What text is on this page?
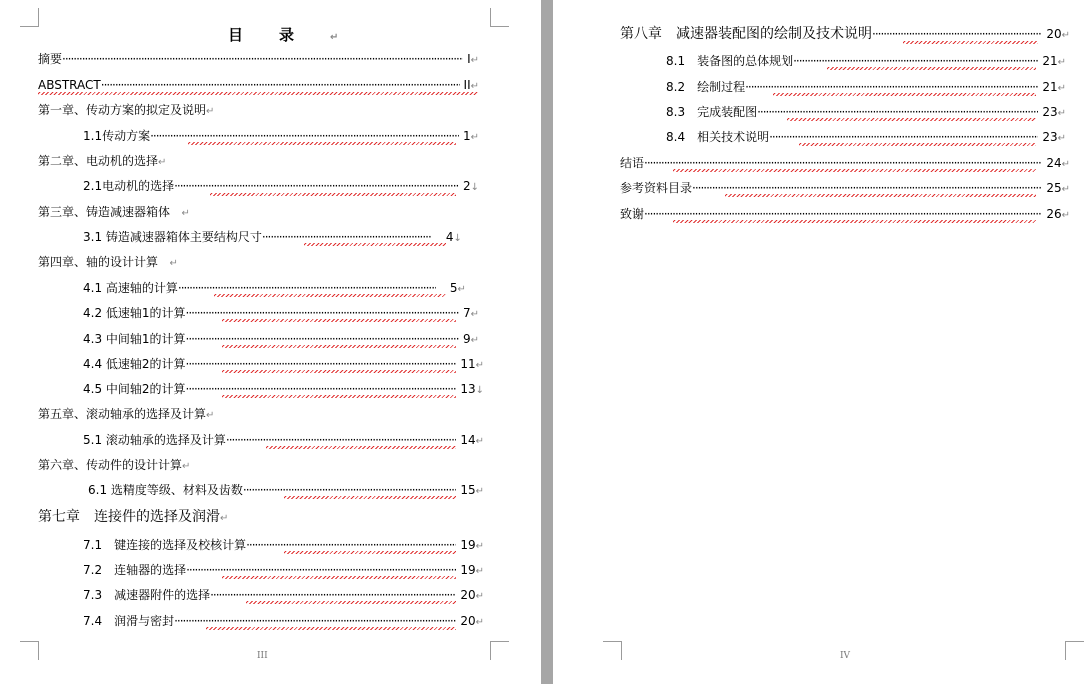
目录↵
摘要 ·····	I ↵
ABSTRACT ·····	II ↵
第一章、传动方案的拟定及说明 ↵
1.1传动方案 ·····	1 ↵
第二章、电动机的选择 ↵
2.1电动机的选择 ·····	2 ↓
第三章、铸造减速器箱体
↵
3.1 铸造减速器箱体主要结构尺寸 ·····	4 ↓
第四章、轴的设计计算
↵
4.1 高速轴的计算 ·····	5 ↵
4.2 低速轴1的计算 ·····	7 ↵
4.3 中间轴1的计算 ·····	9 ↵
4.4 低速轴2的计算 ·····	11 ↵
4.5 中间轴2的计算 ·····	13 ↓
第五章、滚动轴承的选择及计算 ↵
5.1 滚动轴承的选择及计算 ·····	14 ↵
第六章、传动件的设计计算 ↵
6.1 选精度等级、材料及齿数 ·····	15 ↵
第七章　连接件的选择及润滑 ↵
7.1　键连接的选择及校核计算 ·····	19 ↵
7.2　连轴器的选择 ·····	19 ↵
7.3　减速器附件的选择 ·····	20 ↵
7.4　润滑与密封 ·····	20 ↵
III
第八章　减速器装配图的绘制及技术说明 ·····	20 ↵
8.1　装备图的总体规划 ·····	21 ↵
8.2　绘制过程 ·····	21 ↵
8.3　完成装配图 ·····	23 ↵
8.4　相关技术说明 ·····	23 ↵
结语 ·····	24 ↵
参考资料目录 ·····	25 ↵
致谢 ·····	26 ↵
IV
